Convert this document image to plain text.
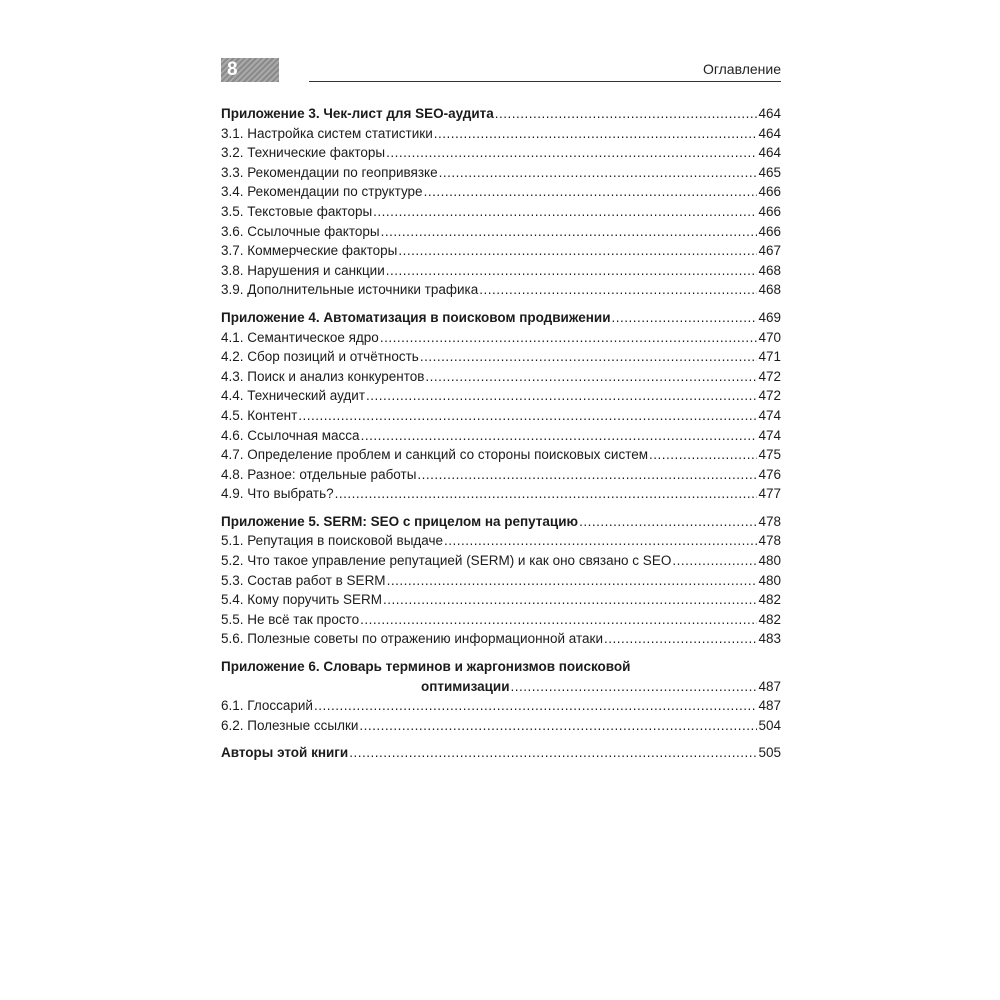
8	Оглавление
Приложение 3. Чек-лист для SEO-аудита .....	464
3.1. Настройка систем статистики .....	464
3.2. Технические факторы .....	464
3.3. Рекомендации по геопривязке .....	465
3.4. Рекомендации по структуре .....	466
3.5. Текстовые факторы .....	466
3.6. Ссылочные факторы .....	466
3.7. Коммерческие факторы .....	467
3.8. Нарушения и санкции .....	468
3.9. Дополнительные источники трафика .....	468
Приложение 4. Автоматизация в поисковом продвижении .....	469
4.1. Семантическое ядро .....	470
4.2. Сбор позиций и отчётность .....	471
4.3. Поиск и анализ конкурентов .....	472
4.4. Технический аудит .....	472
4.5. Контент .....	474
4.6. Ссылочная масса .....	474
4.7. Определение проблем и санкций со стороны поисковых систем .....	475
4.8. Разное: отдельные работы .....	476
4.9. Что выбрать? .....	477
Приложение 5. SERM: SEO с прицелом на репутацию .....	478
5.1. Репутация в поисковой выдаче .....	478
5.2. Что такое управление репутацией (SERM) и как оно связано с SEO .....	480
5.3. Состав работ в SERM .....	480
5.4. Кому поручить SERM .....	482
5.5. Не всё так просто .....	482
5.6. Полезные советы по отражению информационной атаки .....	483
Приложение 6. Словарь терминов и жаргонизмов поисковой
оптимизации .....	487
6.1. Глоссарий .....	487
6.2. Полезные ссылки .....	504
Авторы этой книги .....	505
